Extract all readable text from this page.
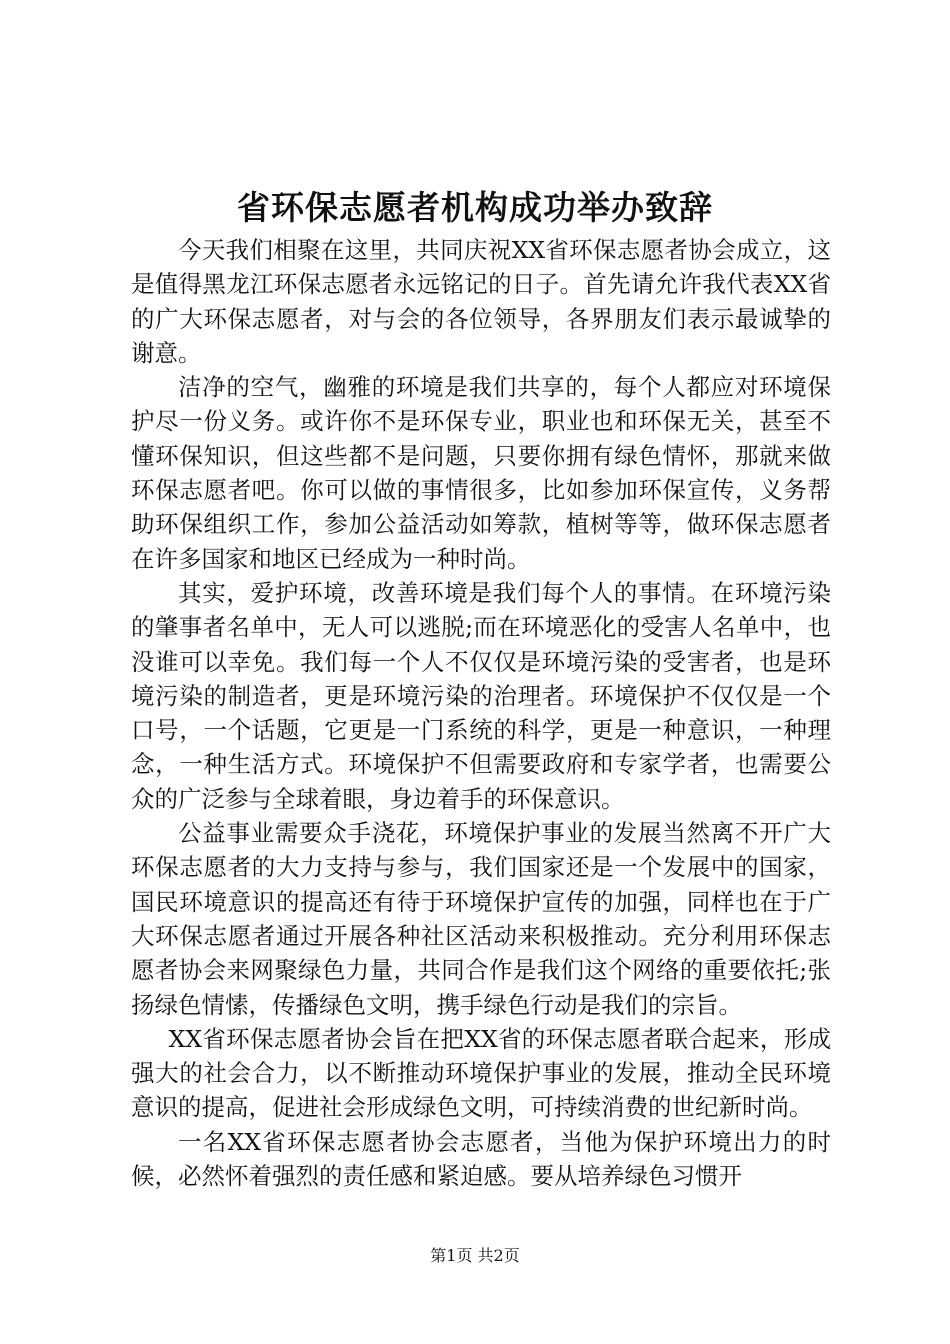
省环保志愿者机构成功举办致辞

今天我们相聚在这里，共同庆祝XX省环保志愿者协会成立，这是值得黑龙江环保志愿者永远铭记的日子。首先请允许我代表XX省的广大环保志愿者，对与会的各位领导，各界朋友们表示最诚挚的谢意。

洁净的空气，幽雅的环境是我们共享的，每个人都应对环境保护尽一份义务。或许你不是环保专业，职业也和环保无关，甚至不懂环保知识，但这些都不是问题，只要你拥有绿色情怀，那就来做环保志愿者吧。你可以做的事情很多，比如参加环保宣传，义务帮助环保组织工作，参加公益活动如筹款，植树等等，做环保志愿者在许多国家和地区已经成为一种时尚。

其实，爱护环境，改善环境是我们每个人的事情。在环境污染的肇事者名单中，无人可以逃脱;而在环境恶化的受害人名单中，也没谁可以幸免。我们每一个人不仅仅是环境污染的受害者，也是环境污染的制造者，更是环境污染的治理者。环境保护不仅仅是一个口号，一个话题，它更是一门系统的科学，更是一种意识，一种理念，一种生活方式。环境保护不但需要政府和专家学者，也需要公众的广泛参与全球着眼，身边着手的环保意识。

公益事业需要众手浇花，环境保护事业的发展当然离不开广大环保志愿者的大力支持与参与，我们国家还是一个发展中的国家，国民环境意识的提高还有待于环境保护宣传的加强，同样也在于广大环保志愿者通过开展各种社区活动来积极推动。充分利用环保志愿者协会来网聚绿色力量，共同合作是我们这个网络的重要依托;张扬绿色情愫，传播绿色文明，携手绿色行动是我们的宗旨。

XX省环保志愿者协会旨在把XX省的环保志愿者联合起来，形成强大的社会合力，以不断推动环境保护事业的发展，推动全民环境意识的提高，促进社会形成绿色文明，可持续消费的世纪新时尚。

一名XX省环保志愿者协会志愿者，当他为保护环境出力的时候，必然怀着强烈的责任感和紧迫感。要从培养绿色习惯开

第1页 共2页
